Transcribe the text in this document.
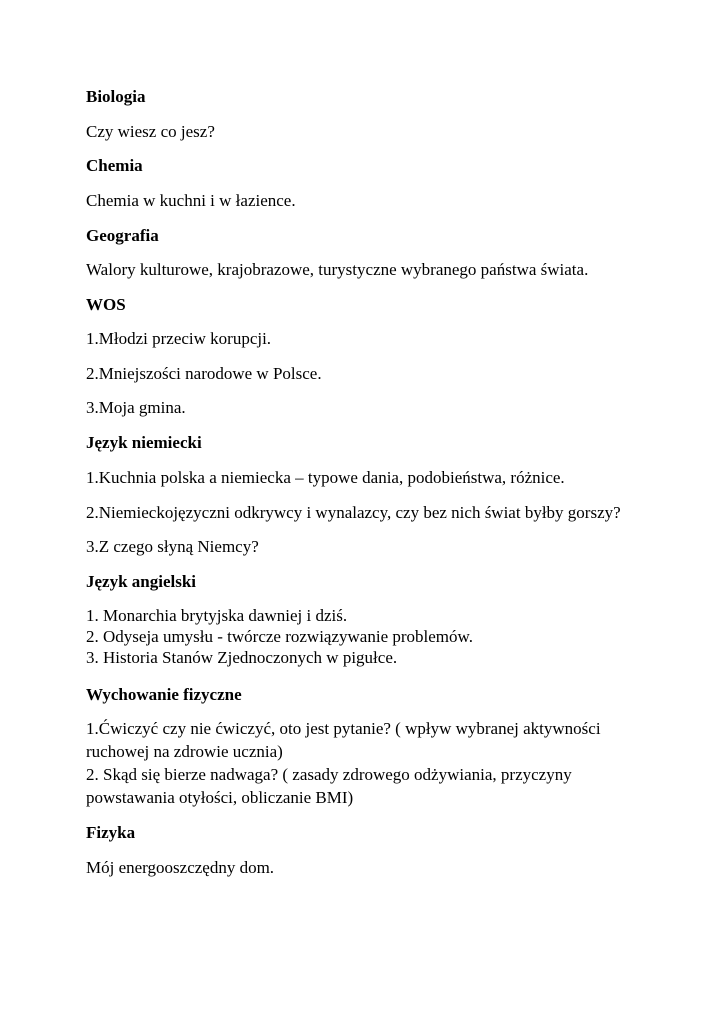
Biologia
Czy wiesz co jesz?
Chemia
Chemia w kuchni i w łazience.
Geografia
Walory kulturowe, krajobrazowe, turystyczne wybranego państwa świata.
WOS
1.Młodzi przeciw korupcji.
2.Mniejszości narodowe w Polsce.
3.Moja gmina.
Język niemiecki
1.Kuchnia polska a niemiecka – typowe dania, podobieństwa, różnice.
2.Niemieckojęzyczni odkrywcy i wynalazcy, czy bez nich świat byłby gorszy?
3.Z czego słyną Niemcy?
Język angielski
1. Monarchia brytyjska dawniej i dziś.
2. Odyseja umysłu - twórcze rozwiązywanie problemów.
3. Historia Stanów Zjednoczonych w pigułce.
Wychowanie fizyczne
1.Ćwiczyć czy nie ćwiczyć, oto jest pytanie? ( wpływ wybranej aktywności
ruchowej na zdrowie ucznia)
2. Skąd się bierze nadwaga? ( zasady zdrowego odżywiania, przyczyny
powstawania otyłości, obliczanie BMI)
Fizyka
Mój energooszczędny dom.
